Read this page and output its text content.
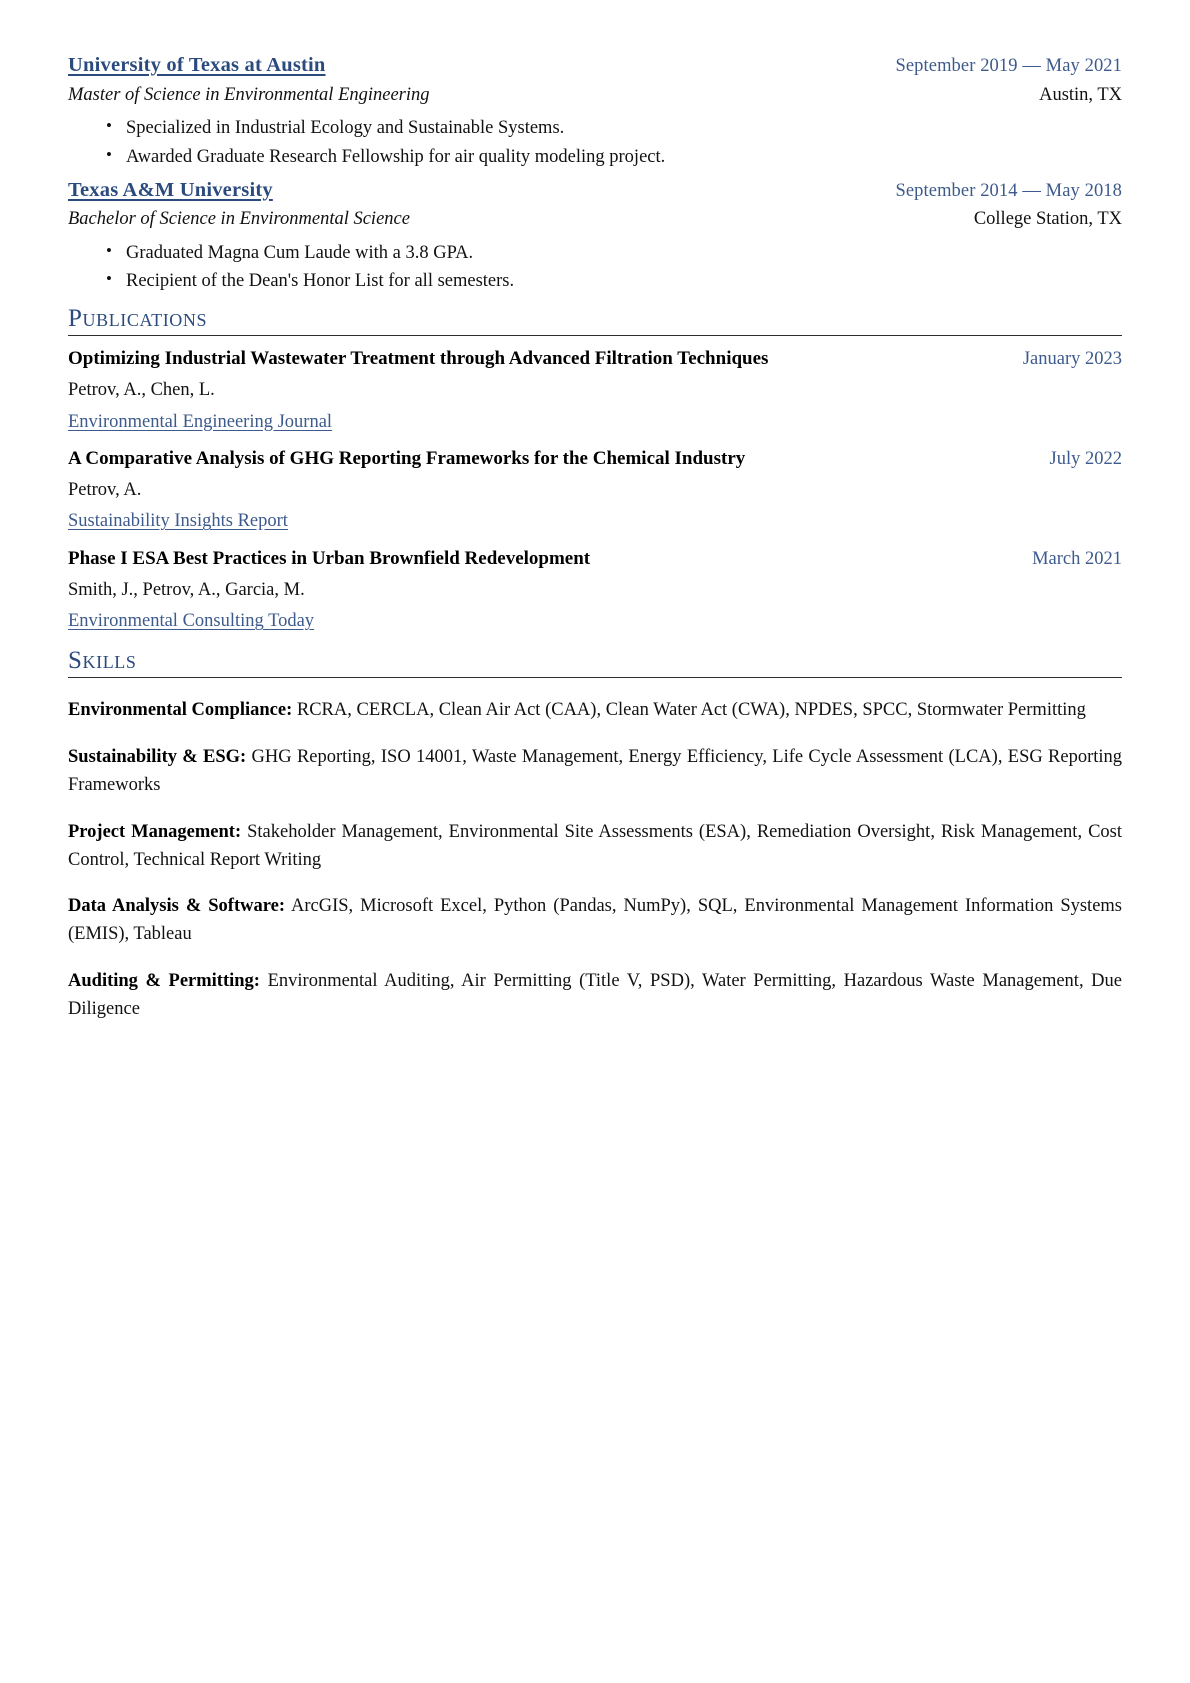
University of Texas at Austin	September 2019 — May 2021
Master of Science in Environmental Engineering	Austin, TX
• Specialized in Industrial Ecology and Sustainable Systems.
• Awarded Graduate Research Fellowship for air quality modeling project.
Texas A&M University	September 2014 — May 2018
Bachelor of Science in Environmental Science	College Station, TX
• Graduated Magna Cum Laude with a 3.8 GPA.
• Recipient of the Dean's Honor List for all semesters.
Publications
Optimizing Industrial Wastewater Treatment through Advanced Filtration Techniques	January 2023
Petrov, A., Chen, L.
Environmental Engineering Journal
A Comparative Analysis of GHG Reporting Frameworks for the Chemical Industry	July 2022
Petrov, A.
Sustainability Insights Report
Phase I ESA Best Practices in Urban Brownfield Redevelopment	March 2021
Smith, J., Petrov, A., Garcia, M.
Environmental Consulting Today
Skills

Environmental Compliance: RCRA, CERCLA, Clean Air Act (CAA), Clean Water Act (CWA), NPDES, SPCC, Stormwater Permitting

Sustainability & ESG: GHG Reporting, ISO 14001, Waste Management, Energy Efficiency, Life Cycle Assessment (LCA), ESG Reporting Frameworks

Project Management: Stakeholder Management, Environmental Site Assessments (ESA), Remediation Oversight, Risk Management, Cost Control, Technical Report Writing

Data Analysis & Software: ArcGIS, Microsoft Excel, Python (Pandas, NumPy), SQL, Environmental Management Information Systems (EMIS), Tableau

Auditing & Permitting: Environmental Auditing, Air Permitting (Title V, PSD), Water Permitting, Hazardous Waste Management, Due Diligence
